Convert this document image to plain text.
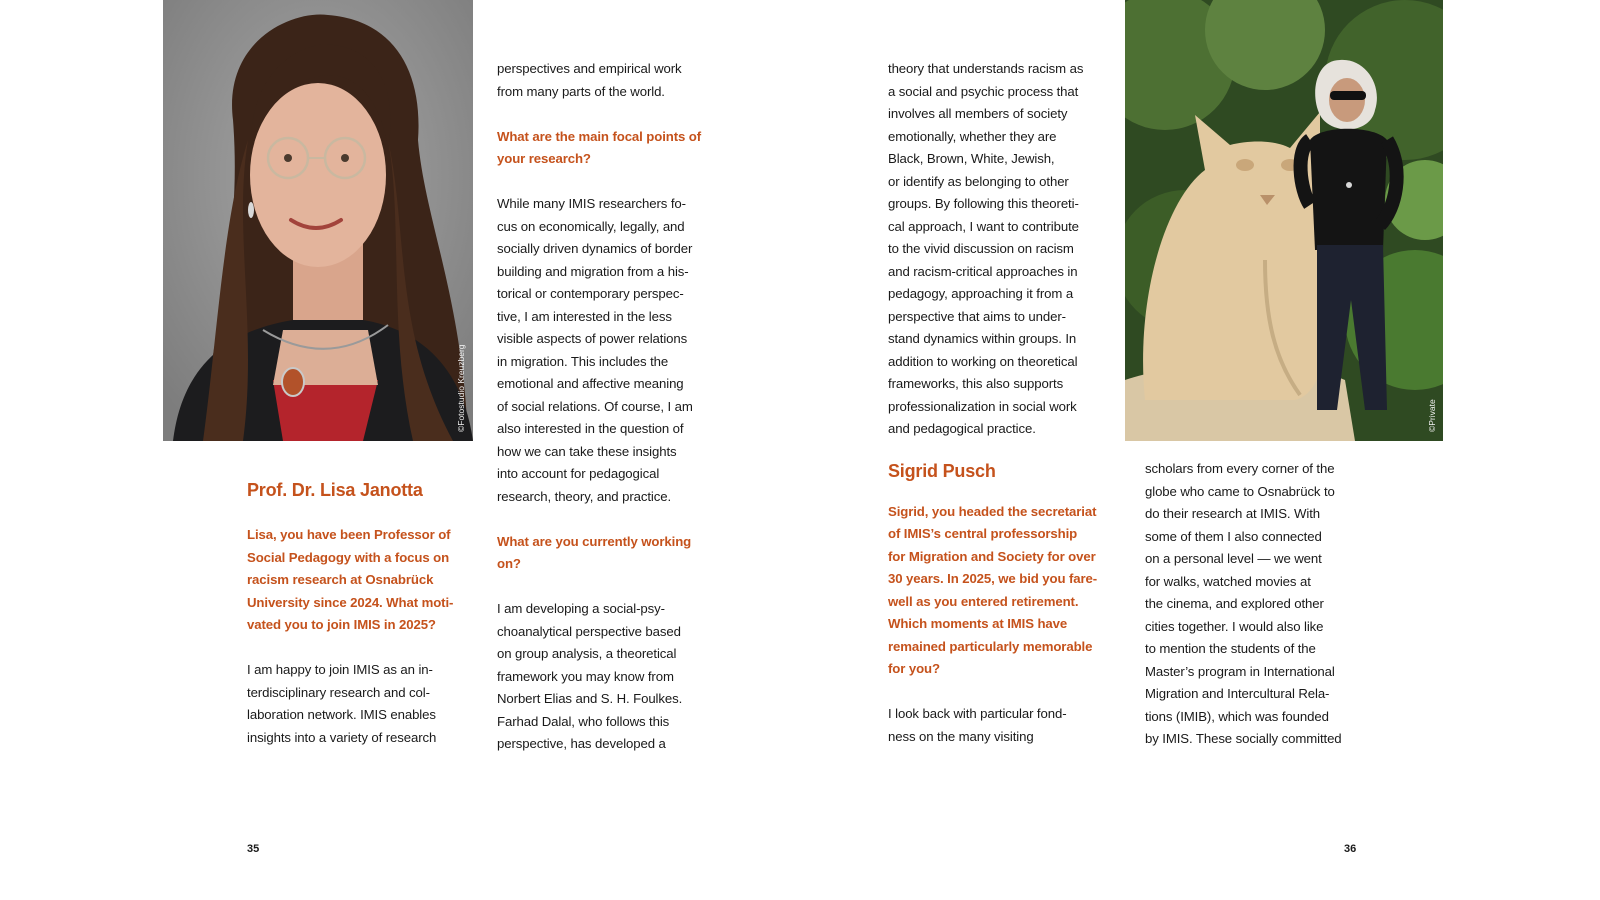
©Fotostudio Kreuzberg
Prof. Dr. Lisa Janotta

Lisa, you have been Professor of
Social Pedagogy with a focus on
racism research at Osnabrück
University since 2024. What moti-
vated you to join IMIS in 2025?

I am happy to join IMIS as an in-
terdisciplinary research and col-
laboration network. IMIS enables
insights into a variety of research

perspectives and empirical work
from many parts of the world.

What are the main focal points of
your research?

While many IMIS researchers fo-
cus on economically, legally, and
socially driven dynamics of border
building and migration from a his-
torical or contemporary perspec-
tive, I am interested in the less
visible aspects of power relations
in migration. This includes the
emotional and affective meaning
of social relations. Of course, I am
also interested in the question of
how we can take these insights
into account for pedagogical
research, theory, and practice.

What are you currently working
on?

I am developing a social-psy-
choanalytical perspective based
on group analysis, a theoretical
framework you may know from
Norbert Elias and S. H. Foulkes.
Farhad Dalal, who follows this
perspective, has developed a

35

theory that understands racism as
a social and psychic process that
involves all members of society
emotionally, whether they are
Black, Brown, White, Jewish,
or identify as belonging to other
groups. By following this theoreti-
cal approach, I want to contribute
to the vivid discussion on racism
and racism-critical approaches in
pedagogy, approaching it from a
perspective that aims to under-
stand dynamics within groups. In
addition to working on theoretical
frameworks, this also supports
professionalization in social work
and pedagogical practice.

Sigrid Pusch

Sigrid, you headed the secretariat
of IMIS’s central professorship
for Migration and Society for over
30 years. In 2025, we bid you fare-
well as you entered retirement.
Which moments at IMIS have
remained particularly memorable
for you?

I look back with particular fond-
ness on the many visiting

©Private

scholars from every corner of the
globe who came to Osnabrück to
do their research at IMIS. With
some of them I also connected
on a personal level — we went
for walks, watched movies at
the cinema, and explored other
cities together. I would also like
to mention the students of the
Master’s program in International
Migration and Intercultural Rela-
tions (IMIB), which was founded
by IMIS. These socially committed

36
